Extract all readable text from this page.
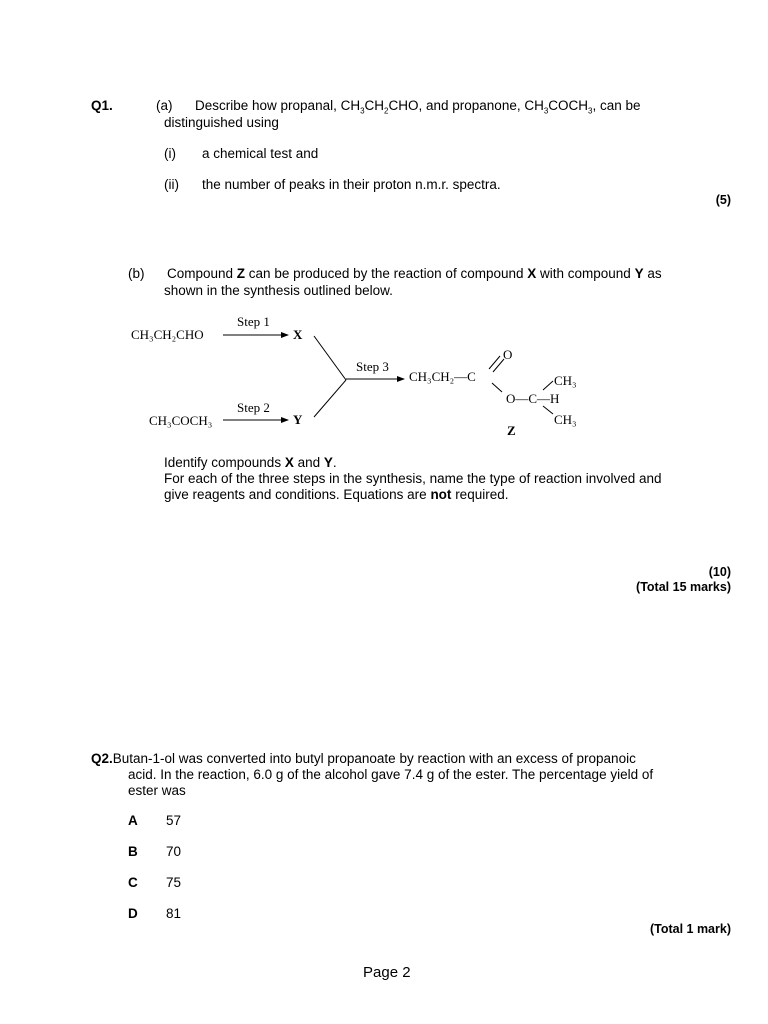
Q1.	(a) Describe how propanal, $CH_3CH_2CHO$, and propanone, $CH_3COCH_3$, can be
distinguished using
(i) a chemical test and
(ii) the number of peaks in their proton n.m.r. spectra.
(5)
(b) Compound Z can be produced by the reaction of compound X with compound Y as
shown in the synthesis outlined below.
CH₃CH₂CHO
Step 1
X
CH₃COCH₃
Step 2
Y
Step 3
CH₃CH₂—C
O
O—C—H
CH₃
CH₃
Z
Identify compounds X and Y.
For each of the three steps in the synthesis, name the type of reaction involved and
give reagents and conditions. Equations are not required.
(10)
(Total 15 marks)
Q2.Butan-1-ol was converted into butyl propanoate by reaction with an excess of propanoic
acid. In the reaction, 6.0 g of the alcohol gave 7.4 g of the ester. The percentage yield of
ester was
A 57
B 70
C 75
D 81
(Total 1 mark)
Page 2
